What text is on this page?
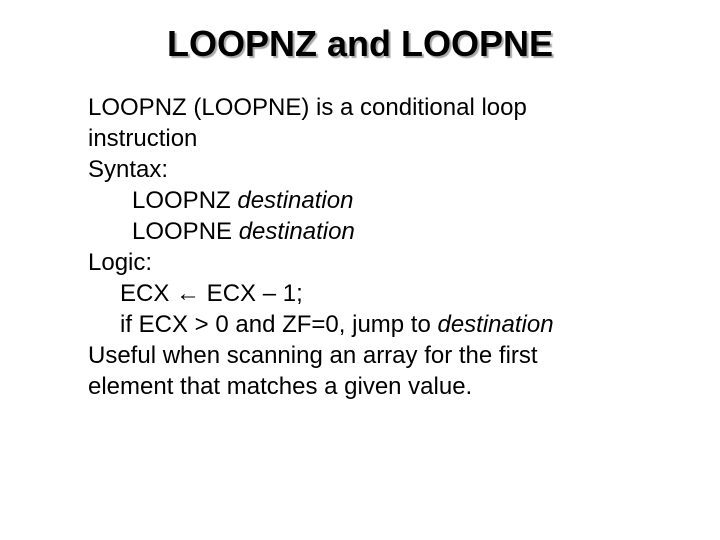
LOOPNZ and LOOPNE
LOOPNZ (LOOPNE) is a conditional loop
instruction
Syntax:
LOOPNZ destination
LOOPNE destination
Logic:
ECX ← ECX – 1;
if ECX > 0 and ZF=0, jump to destination
Useful when scanning an array for the first
element that matches a given value.
